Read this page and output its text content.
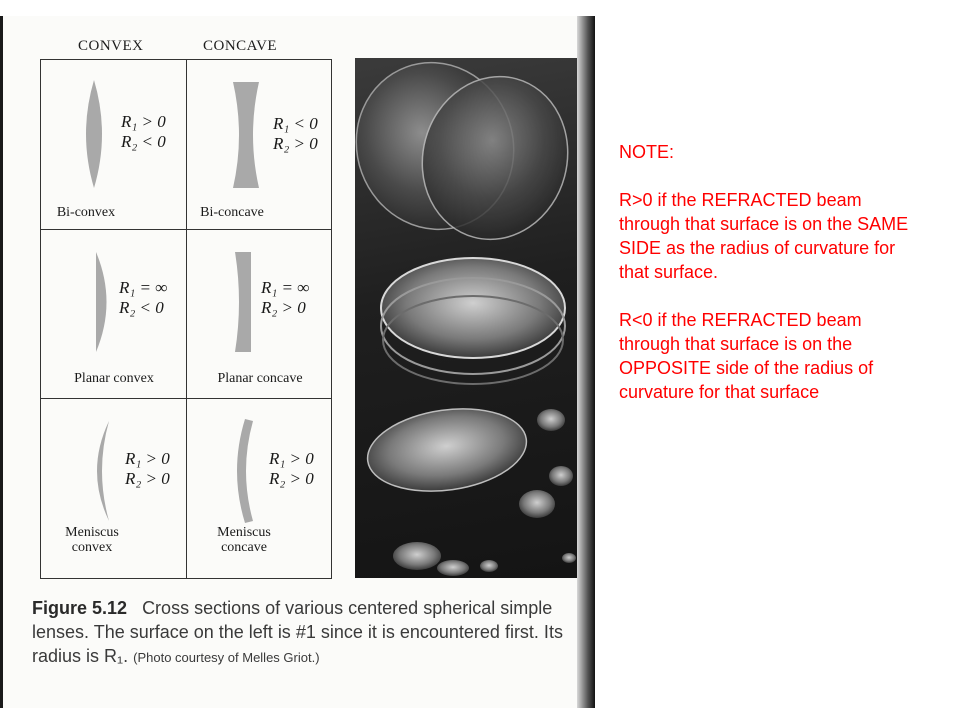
CONVEX	CONCAVE
R₁ > 0
R₂ < 0
Bi-convex
R₁ < 0
R₂ > 0
Bi-concave
R₁ = ∞
R₂ < 0
Planar convex
R₁ = ∞
R₂ > 0
Planar concave
R₁ > 0
R₂ > 0
Meniscus
convex
R₁ > 0
R₂ > 0
Meniscus
concave
Figure 5.12 Cross sections of various centered spherical simple lenses. The surface on the left is #1 since it is encountered first. Its radius is R₁. (Photo courtesy of Melles Griot.)

NOTE:

R>0 if the REFRACTED beam through that surface is on the SAME SIDE as the radius of curvature for that surface.

R<0 if the REFRACTED beam through that surface is on the OPPOSITE side of the radius of curvature for that surface
